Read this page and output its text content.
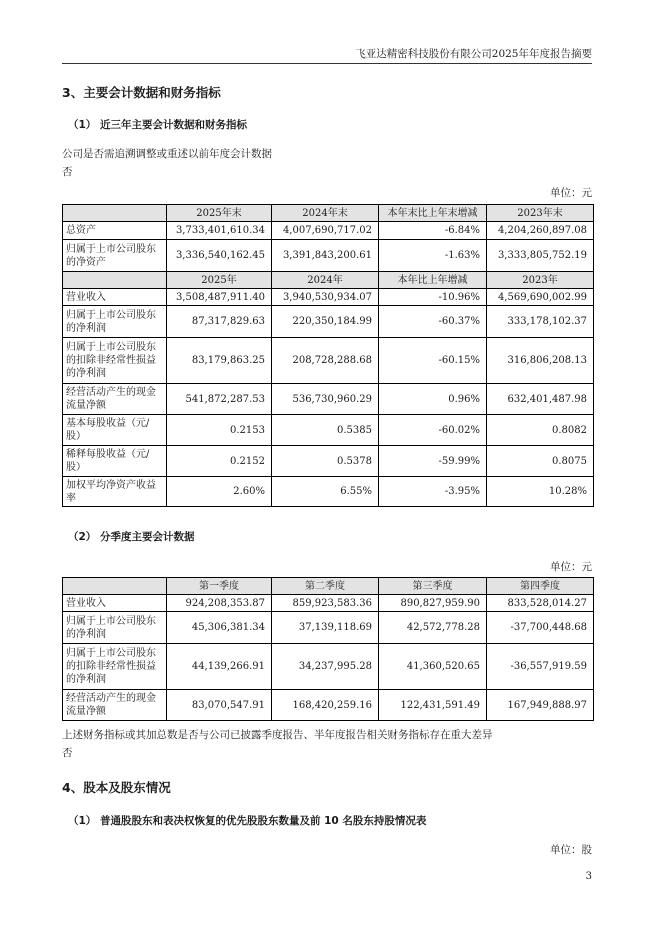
飞亚达精密科技股份有限公司2025年年度报告摘要
3、主要会计数据和财务指标
（1） 近三年主要会计数据和财务指标
公司是否需追溯调整或重述以前年度会计数据
否
单位：元
	2025年末	2024年末	本年末比上年末增减	2023年末
总资产	3,733,401,610.34	4,007,690,717.02	-6.84%	4,204,260,897.08
归属于上市公司股东的净资产	3,336,540,162.45	3,391,843,200.61	-1.63%	3,333,805,752.19
	2025年	2024年	本年比上年增减	2023年
营业收入	3,508,487,911.40	3,940,530,934.07	-10.96%	4,569,690,002.99
归属于上市公司股东的净利润	87,317,829.63	220,350,184.99	-60.37%	333,178,102.37
归属于上市公司股东的扣除非经常性损益的净利润	83,179,863.25	208,728,288.68	-60.15%	316,806,208.13
经营活动产生的现金流量净额	541,872,287.53	536,730,960.29	0.96%	632,401,487.98
基本每股收益（元/股）	0.2153	0.5385	-60.02%	0.8082
稀释每股收益（元/股）	0.2152	0.5378	-59.99%	0.8075
加权平均净资产收益率	2.60%	6.55%	-3.95%	10.28%
（2） 分季度主要会计数据
单位：元
	第一季度	第二季度	第三季度	第四季度
营业收入	924,208,353.87	859,923,583.36	890,827,959.90	833,528,014.27
归属于上市公司股东的净利润	45,306,381.34	37,139,118.69	42,572,778.28	-37,700,448.68
归属于上市公司股东的扣除非经常性损益的净利润	44,139,266.91	34,237,995.28	41,360,520.65	-36,557,919.59
经营活动产生的现金流量净额	83,070,547.91	168,420,259.16	122,431,591.49	167,949,888.97
上述财务指标或其加总数是否与公司已披露季度报告、半年度报告相关财务指标存在重大差异
否
4、股本及股东情况
（1） 普通股股东和表决权恢复的优先股股东数量及前 10 名股东持股情况表
单位：股
3
